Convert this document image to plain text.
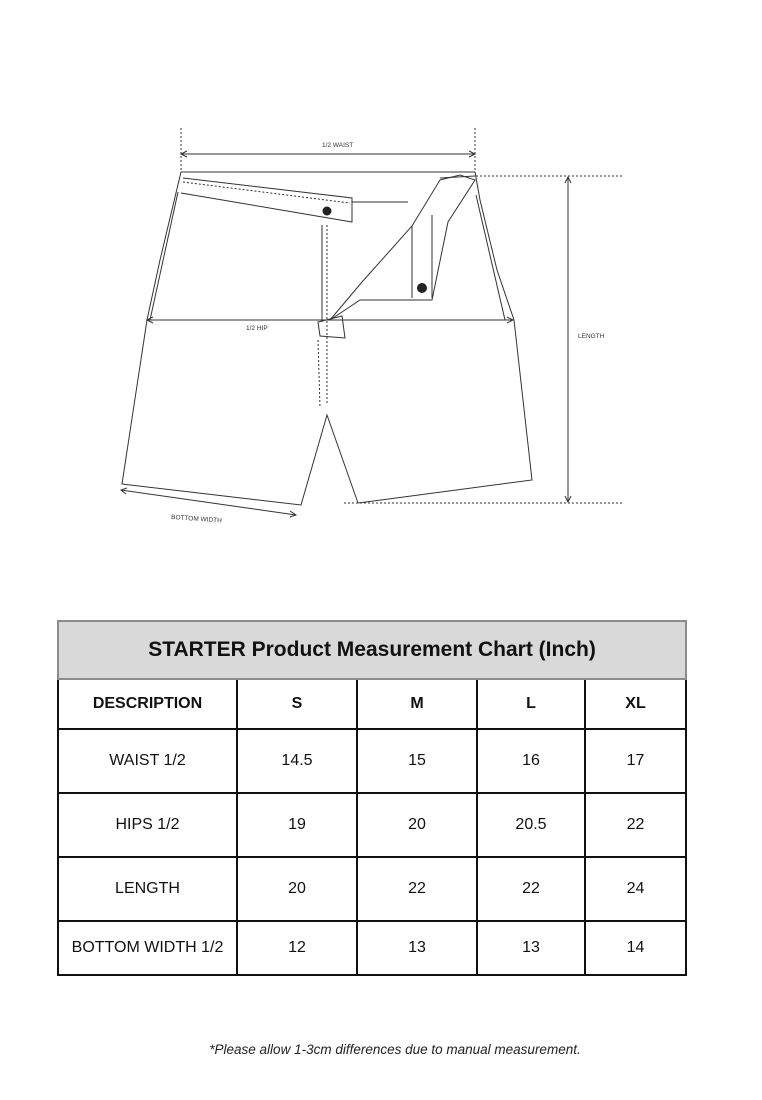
1/2 WAIST
1/2 HIP
LENGTH
BOTTOM WIDTH
STARTER Product Measurement Chart (Inch)				
DESCRIPTION	S	M	L	XL
WAIST 1/2	14.5	15	16	17
HIPS 1/2	19	20	20.5	22
LENGTH	20	22	22	24
BOTTOM WIDTH 1/2	12	13	13	14
*Please allow 1-3cm differences due to manual measurement.
